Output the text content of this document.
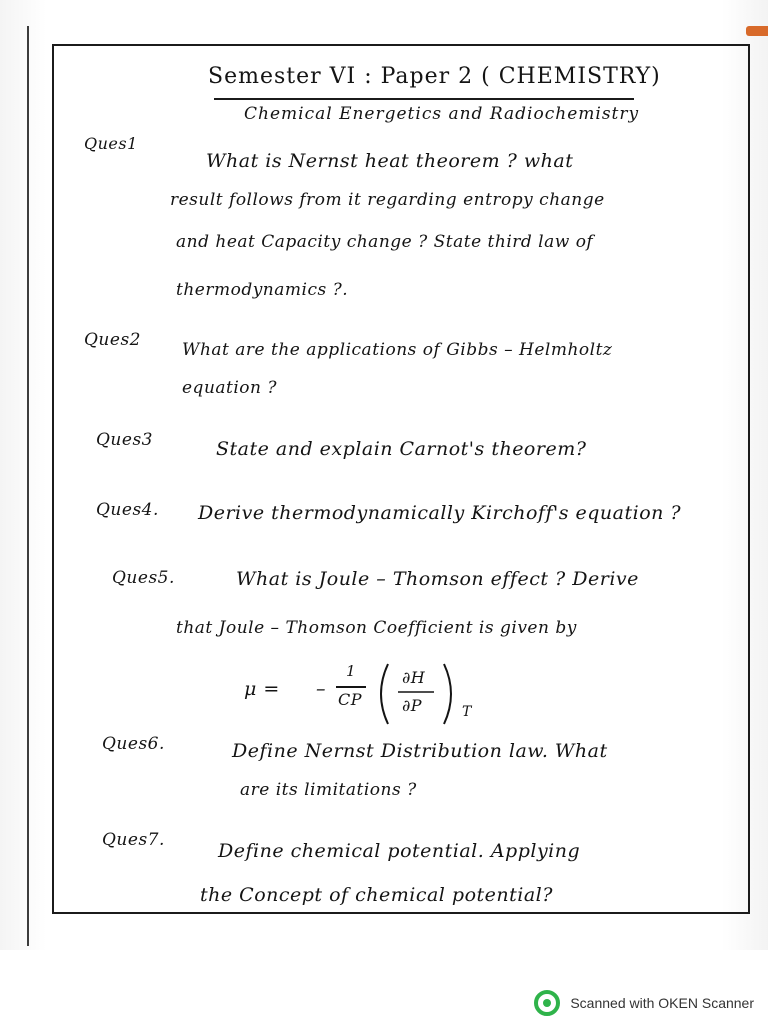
Semester VI : Paper 2 ( CHEMISTRY)
Chemical Energetics and Radiochemistry
Ques1
What is Nernst heat theorem ? what
result follows from it regarding entropy change
and heat Capacity change ? State third law of
thermodynamics ?.
Ques2 What are the applications of Gibbs – Helmholtz
equation ?
Ques3	State and explain Carnot's theorem?
Ques4. Derive thermodynamically Kirchoff's equation ?
Ques5.	What is Joule – Thomson effect ? Derive
that Joule – Thomson Coefficient is given by
μ = –
1
CP
∂H
∂P	T
Ques6.	Define Nernst Distribution law. What
are its limitations ?
Ques7.	Define chemical potential. Applying
the Concept of chemical potential?
Scanned with OKEN Scanner
